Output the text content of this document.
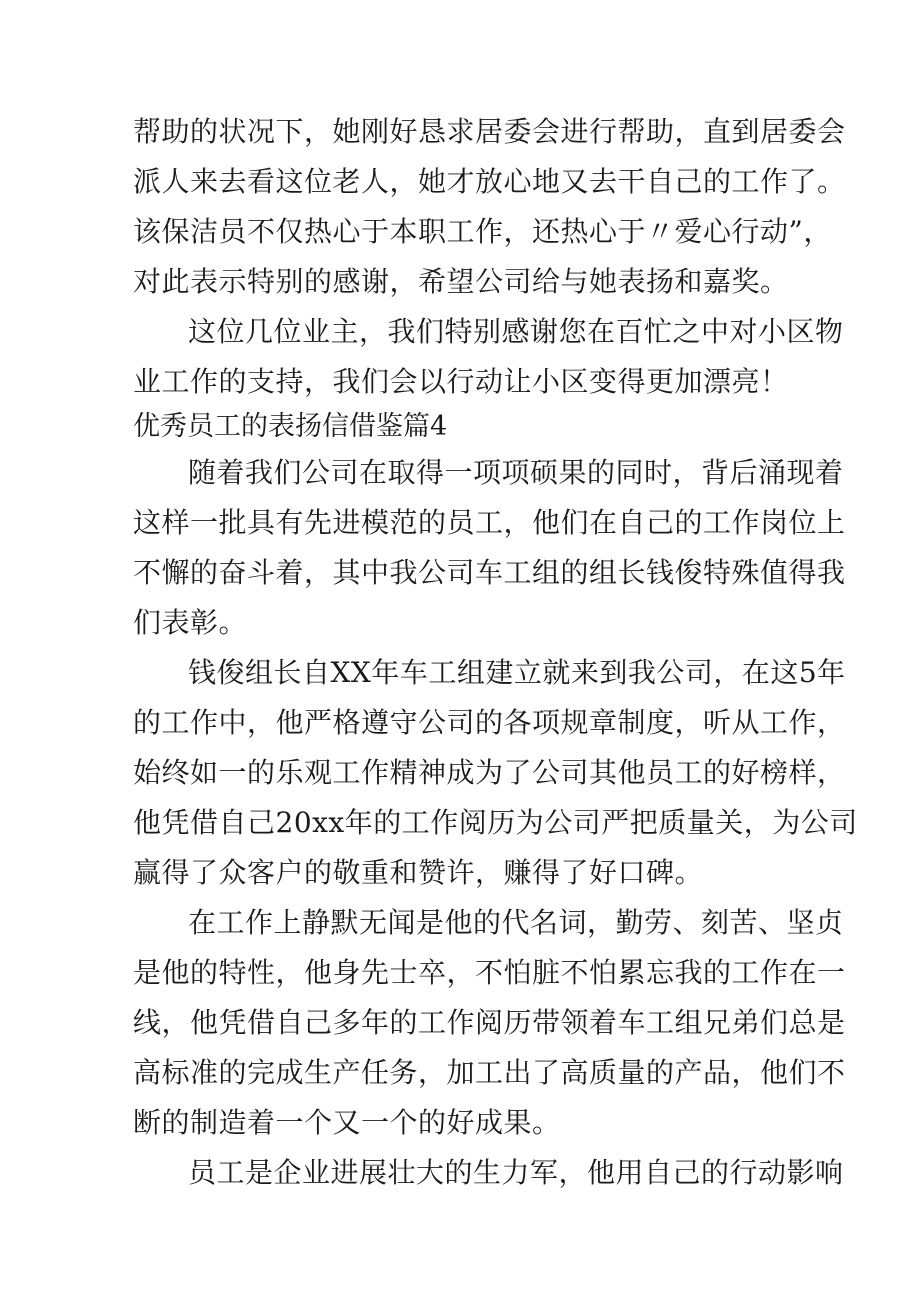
帮助的状况下，她刚好恳求居委会进行帮助，直到居委会
派人来去看这位老人，她才放心地又去干自己的工作了。
该保洁员不仅热心于本职工作，还热心于〃爱心行动”，
对此表示特别的感谢，希望公司给与她表扬和嘉奖。
这位几位业主，我们特别感谢您在百忙之中对小区物
业工作的支持，我们会以行动让小区变得更加漂亮！
优秀员工的表扬信借鉴篇4
随着我们公司在取得一项项硕果的同时，背后涌现着
这样一批具有先进模范的员工，他们在自己的工作岗位上
不懈的奋斗着，其中我公司车工组的组长钱俊特殊值得我
们表彰。
钱俊组长自XX年车工组建立就来到我公司，在这5年
的工作中，他严格遵守公司的各项规章制度，听从工作，
始终如一的乐观工作精神成为了公司其他员工的好榜样，
他凭借自己20xx年的工作阅历为公司严把质量关，为公司
赢得了众客户的敬重和赞许，赚得了好口碑。
在工作上静默无闻是他的代名词，勤劳、刻苦、坚贞
是他的特性，他身先士卒，不怕脏不怕累忘我的工作在一
线，他凭借自己多年的工作阅历带领着车工组兄弟们总是
高标准的完成生产任务，加工出了高质量的产品，他们不
断的制造着一个又一个的好成果。
员工是企业进展壮大的生力军，他用自己的行动影响
